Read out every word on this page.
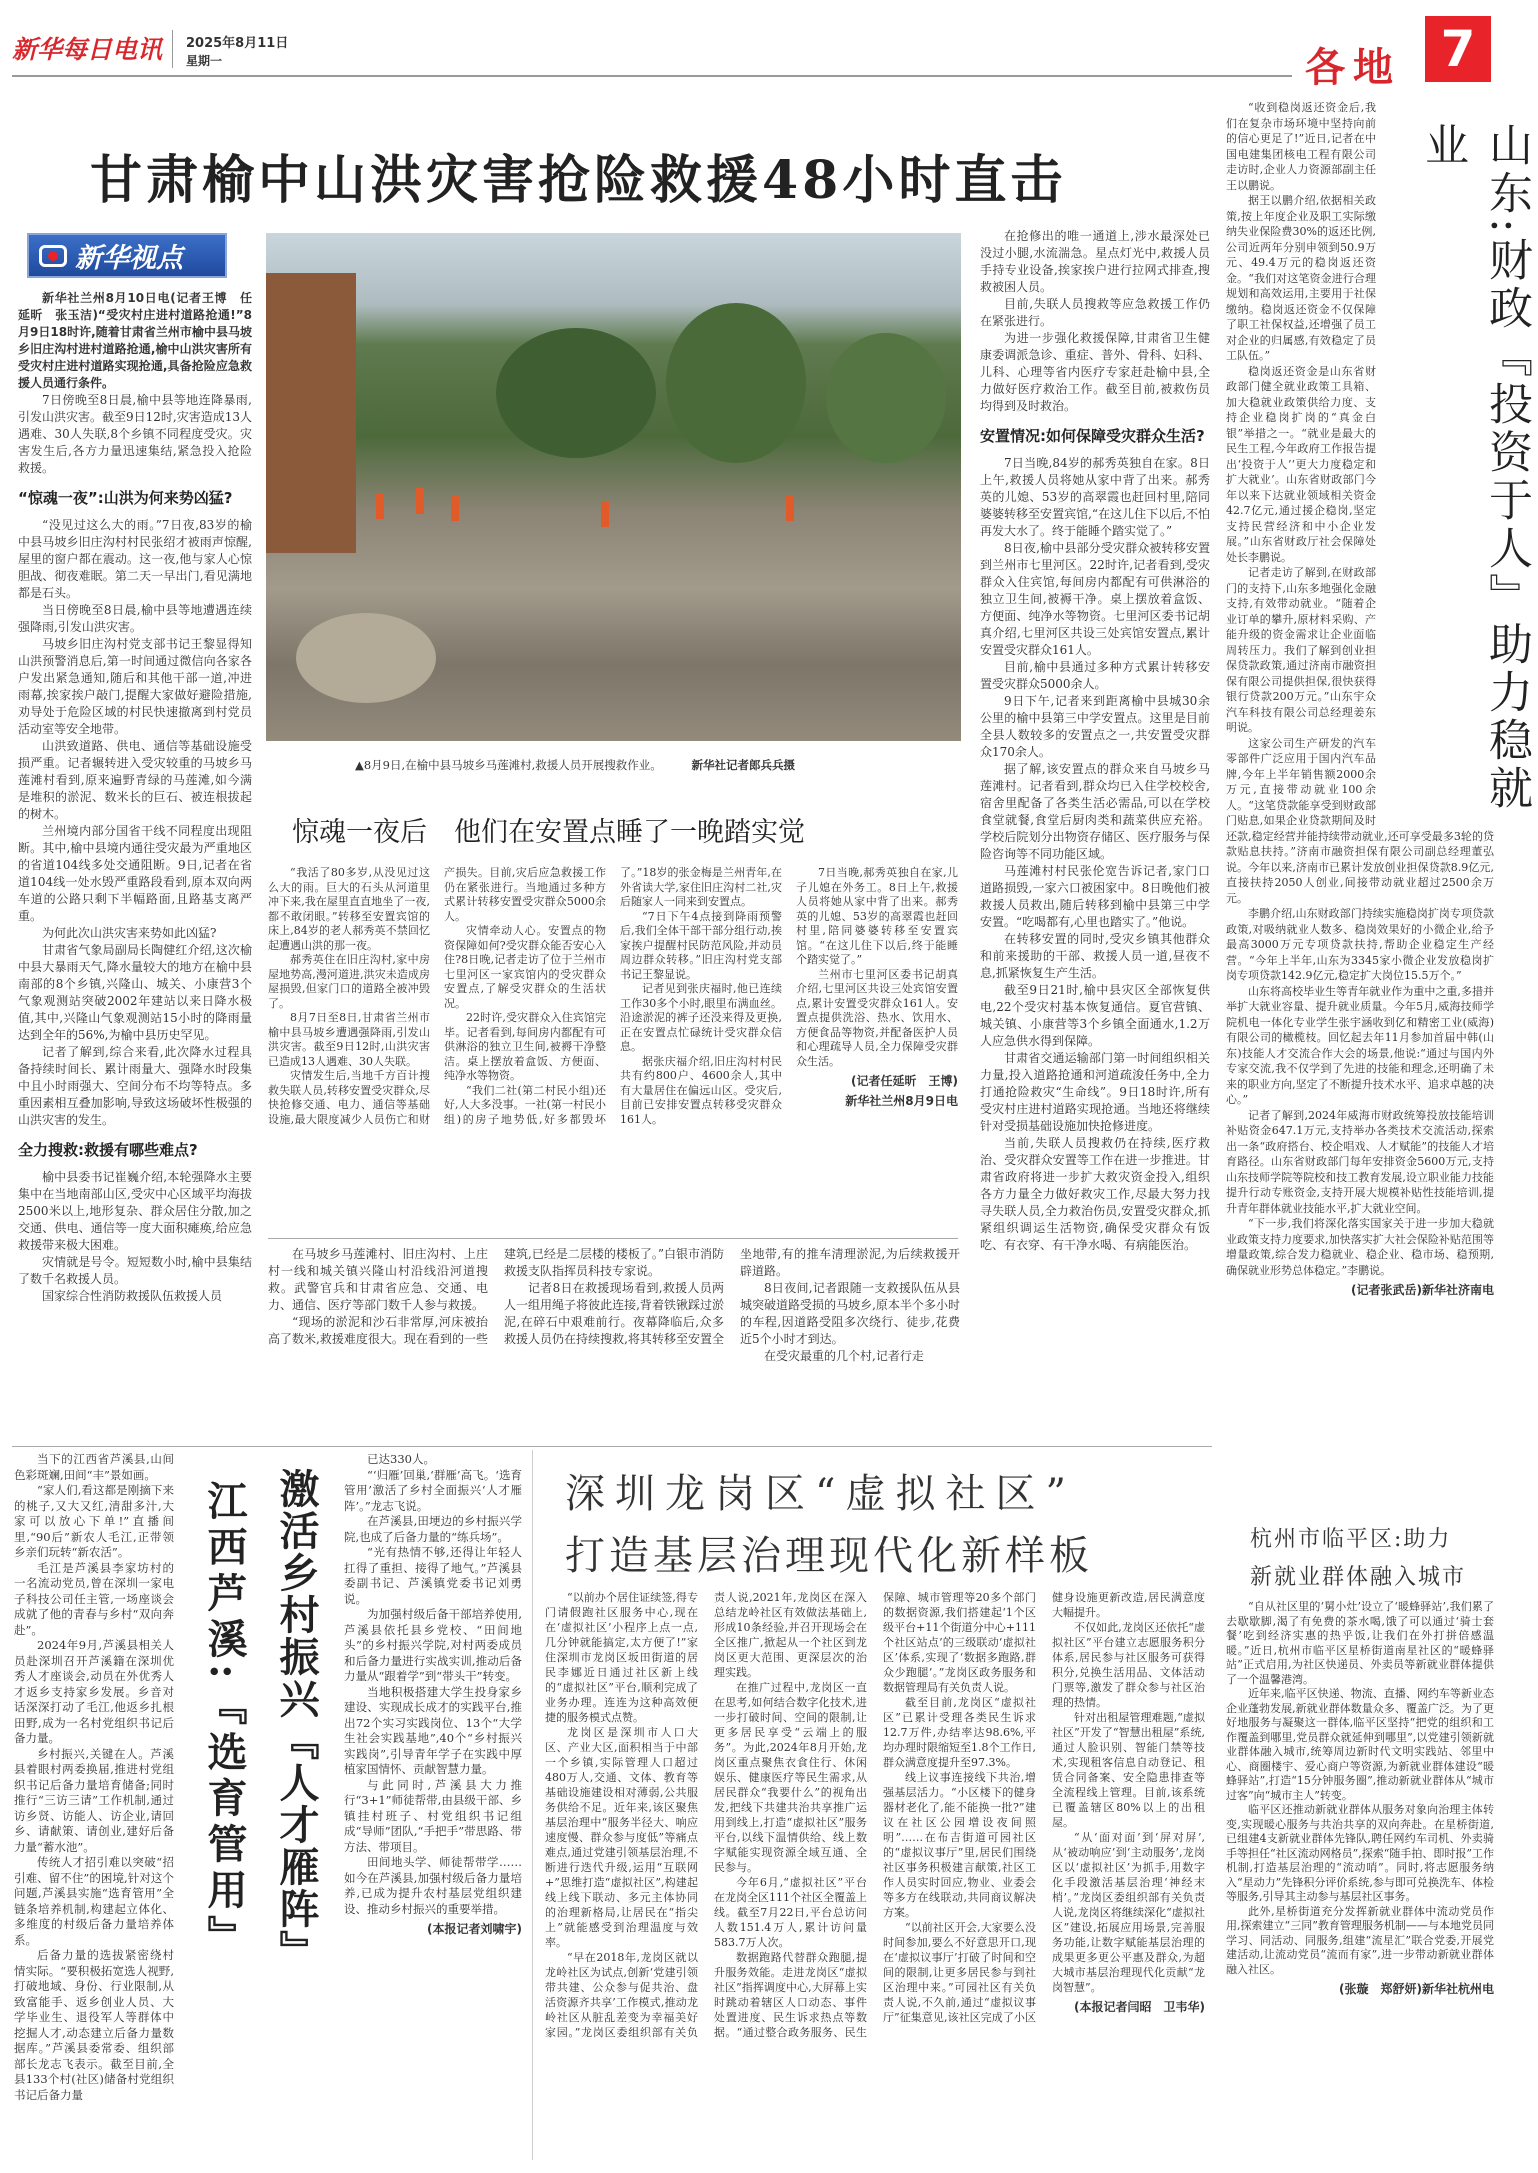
新华每日电讯 2025年8月11日
星期一	各地 7
甘肃榆中山洪灾害抢险救援48小时直击
新华视点

新华社兰州8月10日电(记者王博　任延昕　张玉洁)“受灾村庄进村道路抢通!”8月9日18时许,随着甘肃省兰州市榆中县马坡乡旧庄沟村进村道路抢通,榆中山洪灾害所有受灾村庄进村道路实现抢通,具备抢险应急救援人员通行条件。

7日傍晚至8日晨,榆中县等地连降暴雨,引发山洪灾害。截至9日12时,灾害造成13人遇难、30人失联,8个乡镇不同程度受灾。灾害发生后,各方力量迅速集结,紧急投入抢险救援。

“惊魂一夜”:山洪为何来势凶猛?

“没见过这么大的雨。”7日夜,83岁的榆中县马坡乡旧庄沟村村民张绍才被雨声惊醒,屋里的窗户都在震动。这一夜,他与家人心惊胆战、彻夜难眠。第二天一早出门,看见满地都是石头。

当日傍晚至8日晨,榆中县等地遭遇连续强降雨,引发山洪灾害。

马坡乡旧庄沟村党支部书记王黎显得知山洪预警消息后,第一时间通过微信向各家各户发出紧急通知,随后和其他干部一道,冲进雨幕,挨家挨户敲门,提醒大家做好避险措施,劝导处于危险区域的村民快速撤离到村党员活动室等安全地带。

山洪致道路、供电、通信等基础设施受损严重。记者辗转进入受灾较重的马坡乡马莲滩村看到,原来遍野青绿的马莲滩,如今满是堆积的淤泥、数米长的巨石、被连根拔起的树木。

兰州境内部分国省干线不同程度出现阻断。其中,榆中县境内通往受灾最为严重地区的省道104线多处交通阻断。9日,记者在省道104线一处水毁严重路段看到,原本双向两车道的公路只剩下半幅路面,且路基支离严重。

为何此次山洪灾害来势如此凶猛?

甘肃省气象局副局长陶健红介绍,这次榆中县大暴雨天气,降水量较大的地方在榆中县南部的8个乡镇,兴隆山、城关、小康营3个气象观测站突破2002年建站以来日降水极值,其中,兴隆山气象观测站15小时的降雨量达到全年的56%,为榆中县历史罕见。

记者了解到,综合来看,此次降水过程具备持续时间长、累计雨量大、强降水时段集中且小时雨强大、空间分布不均等特点。多重因素相互叠加影响,导致这场破坏性极强的山洪灾害的发生。

全力搜救:救援有哪些难点?

榆中县委书记崔巍介绍,本轮强降水主要集中在当地南部山区,受灾中心区域平均海拔2500米以上,地形复杂、群众居住分散,加之交通、供电、通信等一度大面积瘫痪,给应急救援带来极大困难。

灾情就是号令。短短数小时,榆中县集结了数千名救援人员。

国家综合性消防救援队伍救援人员

▲8月9日,在榆中县马坡乡马莲滩村,救援人员开展搜救作业。	新华社记者郎兵兵摄

在抢修出的唯一通道上,涉水最深处已没过小腿,水流湍急。星点灯光中,救援人员手持专业设备,挨家挨户进行拉网式排查,搜救被困人员。

目前,失联人员搜救等应急救援工作仍在紧张进行。

为进一步强化救援保障,甘肃省卫生健康委调派急诊、重症、普外、骨科、妇科、儿科、心理等省内医疗专家赶赴榆中县,全力做好医疗救治工作。截至目前,被救伤员均得到及时救治。

安置情况:如何保障受灾群众生活?

7日当晚,84岁的郝秀英独自在家。8日上午,救援人员将她从家中背了出来。郝秀英的儿媳、53岁的高翠霞也赶回村里,陪同婆婆转移至安置宾馆,“在这儿住下以后,不怕再发大水了。终于能睡个踏实觉了。”

8日夜,榆中县部分受灾群众被转移安置到兰州市七里河区。22时许,记者看到,受灾群众入住宾馆,每间房内都配有可供淋浴的独立卫生间,被褥干净。桌上摆放着盒饭、方便面、纯净水等物资。七里河区委书记胡真介绍,七里河区共设三处宾馆安置点,累计安置受灾群众161人。

目前,榆中县通过多种方式累计转移安置受灾群众5000余人。

9日下午,记者来到距离榆中县城30余公里的榆中县第三中学安置点。这里是目前全县人数较多的安置点之一,共安置受灾群众170余人。

据了解,该安置点的群众来自马坡乡马莲滩村。记者看到,群众均已入住学校校舍,宿舍里配备了各类生活必需品,可以在学校食堂就餐,食堂后厨肉类和蔬菜供应充裕。学校后院划分出物资存储区、医疗服务与保险咨询等不同功能区域。

马莲滩村村民张伦宽告诉记者,家门口道路损毁,一家六口被困家中。8日晚他们被救援人员救出,随后转移到榆中县第三中学安置。“吃喝都有,心里也踏实了。”他说。

在转移安置的同时,受灾乡镇其他群众和前来援助的干部、救援人员一道,昼夜不息,抓紧恢复生产生活。

截至9日21时,榆中县灾区全部恢复供电,22个受灾村基本恢复通信。夏官营镇、城关镇、小康营等3个乡镇全面通水,1.2万人应急供水得到保障。

甘肃省交通运输部门第一时间组织相关力量,投入道路抢通和河道疏浚任务中,全力打通抢险救灾“生命线”。9日18时许,所有受灾村庄进村道路实现抢通。当地还将继续针对受损基础设施加快抢修进度。

当前,失联人员搜救仍在持续,医疗救治、受灾群众安置等工作在进一步推进。甘肃省政府将进一步扩大救灾资金投入,组织各方力量全力做好救灾工作,尽最大努力找寻失联人员,全力救治伤员,安置受灾群众,抓紧组织调运生活物资,确保受灾群众有饭吃、有衣穿、有干净水喝、有病能医治。

惊魂一夜后　他们在安置点睡了一晚踏实觉

“我活了80多岁,从没见过这么大的雨。巨大的石头从河道里冲下来,我在屋里直直地坐了一夜,都不敢闭眼。”转移至安置宾馆的床上,84岁的老人郝秀英不禁回忆起遭遇山洪的那一夜。

郝秀英住在旧庄沟村,家中房屋地势高,漫河道进,洪灾未造成房屋损毁,但家门口的道路全被冲毁了。

8月7日至8日,甘肃省兰州市榆中县马坡乡遭遇强降雨,引发山洪灾害。截至9日12时,山洪灾害已造成13人遇难、30人失联。

灾情发生后,当地千方百计搜救失联人员,转移安置受灾群众,尽快抢修交通、电力、通信等基础设施,最大限度减少人员伤亡和财产损失。目前,灾后应急救援工作仍在紧张进行。当地通过多种方式累计转移安置受灾群众5000余人。

灾情牵动人心。安置点的物资保障如何?受灾群众能否安心入住?8日晚,记者走访了位于兰州市七里河区一家宾馆内的受灾群众安置点,了解受灾群众的生活状况。

22时许,受灾群众入住宾馆完毕。记者看到,每间房内都配有可供淋浴的独立卫生间,被褥干净整洁。桌上摆放着盒饭、方便面、纯净水等物资。

“我们二社(第二村民小组)还好,人大多没事。一社(第一村民小组)的房子地势低,好多都毁坏了。”18岁的张金梅是兰州青年,在外省读大学,家住旧庄沟村二社,灾后随家人一同来到安置点。

“7日下午4点接到降雨预警后,我们全体干部干部分组行动,挨家挨户提醒村民防范风险,并动员周边群众转移。”旧庄沟村党支部书记王黎显说。

记者见到张庆福时,他已连续工作30多个小时,眼里布满血丝。沿途淤泥的裤子还没来得及更换,正在安置点忙碌统计受灾群众信息。

据张庆福介绍,旧庄沟村村民共有约800户、4600余人,其中有大量居住在偏远山区。受灾后,目前已安排安置点转移受灾群众161人。

7日当晚,郝秀英独自在家,儿子儿媳在外务工。8日上午,救援人员将她从家中背了出来。郝秀英的儿媳、53岁的高翠霞也赶回村里,陪同婆婆转移至安置宾馆。“在这儿住下以后,终于能睡个踏实觉了。”

兰州市七里河区委书记胡真介绍,七里河区共设三处宾馆安置点,累计安置受灾群众161人。安置点提供洗浴、热水、饮用水、方便食品等物资,并配备医护人员和心理疏导人员,全力保障受灾群众生活。

(记者任延昕　王博)
新华社兰州8月9日电

在马坡乡马莲滩村、旧庄沟村、上庄村一线和城关镇兴隆山村沿线沿河道搜救。武警官兵和甘肃省应急、交通、电力、通信、医疗等部门数千人参与救援。

“现场的淤泥和沙石非常厚,河床被抬高了数米,救援难度很大。现在看到的一些建筑,已经是二层楼的楼板了。”白银市消防救援支队指挥员科技专家说。

记者8日在救援现场看到,救援人员两人一组用绳子将彼此连接,背着铁锹踩过淤泥,在碎石中艰难前行。夜幕降临后,众多救援人员仍在持续搜救,将其转移至安置全坐地带,有的推车清理淤泥,为后续救援开辟道路。

8日夜间,记者跟随一支救援队伍从县城突破道路受损的马坡乡,原本半个多小时的车程,因道路受阻多次绕行、徒步,花费近5个小时才到达。

在受灾最重的几个村,记者行走

山东:财政『投资于人』助力稳就业

“收到稳岗返还资金后,我们在复杂市场环境中坚持向前的信心更足了!”近日,记者在中国电建集团核电工程有限公司走访时,企业人力资源部副主任王以鹏说。

据王以鹏介绍,依据相关政策,按上年度企业及职工实际缴纳失业保险费30%的返还比例,公司近两年分别申领到50.9万元、49.4万元的稳岗返还资金。“我们对这笔资金进行合理规划和高效运用,主要用于社保缴纳。稳岗返还资金不仅保障了职工社保权益,还增强了员工对企业的归属感,有效稳定了员工队伍。”

稳岗返还资金是山东省财政部门健全就业政策工具箱、加大稳就业政策供给力度、支持企业稳岗扩岗的“真金白银”举措之一。“就业是最大的民生工程,今年政府工作报告提出‘投资于人’‘更大力度稳定和扩大就业’。山东省财政部门今年以来下达就业领域相关资金42.7亿元,通过援企稳岗,坚定支持民营经济和中小企业发展。”山东省财政厅社会保障处处长李鹏说。

记者走访了解到,在财政部门的支持下,山东多地强化金融支持,有效带动就业。“随着企业订单的攀升,原材料采购、产能升级的资金需求让企业面临周转压力。我们了解到创业担保贷款政策,通过济南市融资担保有限公司提供担保,很快获得银行贷款200万元。”山东宇众汽车科技有限公司总经理姜东明说。

这家公司生产研发的汽车零部件广泛应用于国内汽车品牌,今年上半年销售额2000余万元,直接带动就业100余人。“这笔贷款能享受到财政部门贴息,如果企业贷款期间及时还款,稳定经营并能持续带动就业,还可享受最多3轮的贷款贴息扶持。”济南市融资担保有限公司副总经理董弘说。今年以来,济南市已累计发放创业担保贷款8.9亿元,直接扶持2050人创业,间接带动就业超过2500余万元。

李鹏介绍,山东财政部门持续实施稳岗扩岗专项贷款政策,对吸纳就业人数多、稳岗效果好的小微企业,给予最高3000万元专项贷款扶持,帮助企业稳定生产经营。“今年上半年,山东为3345家小微企业发放稳岗扩岗专项贷款142.9亿元,稳定扩大岗位15.5万个。”

山东将高校毕业生等青年就业作为重中之重,多措并举扩大就业容量、提升就业质量。今年5月,威海技师学院机电一体化专业学生张宇涵收到亿和精密工业(威海)有限公司的橄榄枝。回忆起去年11月参加首届中韩(山东)技能人才交流合作大会的场景,他说:“通过与国内外专家交流,我不仅学到了先进的技能和理念,还明确了未来的职业方向,坚定了不断提升技术水平、追求卓越的决心。”

记者了解到,2024年威海市财政统筹投放技能培训补贴资金647.1万元,支持举办各类技术交流活动,探索出一条“政府搭台、校企唱戏、人才赋能”的技能人才培育路径。山东省财政部门每年安排资金5600万元,支持山东技师学院等院校和技工教育发展,设立职业能力技能提升行动专账资金,支持开展大规模补贴性技能培训,提升青年群体就业技能水平,扩大就业空间。

“下一步,我们将深化落实国家关于进一步加大稳就业政策支持力度要求,加快落实扩大社会保险补贴范围等增量政策,综合发力稳就业、稳企业、稳市场、稳预期,确保就业形势总体稳定。”李鹏说。

(记者张武岳)新华社济南电

当下的江西省芦溪县,山间色彩斑斓,田间“丰”景如画。

“家人们,看这都是刚摘下来的桃子,又大又红,清甜多汁,大家可以放心下单!”直播间里,“90后”新农人毛江,正带领乡亲们玩转“新农活”。

毛江是芦溪县李家坊村的一名流动党员,曾在深圳一家电子科技公司任主管,一场座谈会成就了他的青春与乡村“双向奔赴”。

2024年9月,芦溪县相关人员赴深圳召开芦溪籍在深圳优秀人才座谈会,动员在外优秀人才返乡支持家乡发展。乡音对话深深打动了毛江,他返乡扎根田野,成为一名村党组织书记后备力量。

乡村振兴,关键在人。芦溪县着眼村两委换届,推进村党组织书记后备力量培育储备;同时推行“三访三请”工作机制,通过访乡贤、访能人、访企业,请回乡、请献策、请创业,建好后备力量“蓄水池”。

传统人才招引难以突破“招引难、留不住”的困境,针对这个问题,芦溪县实施“选育管用”全链条培养机制,构建起立体化、多维度的村级后备力量培养体系。

后备力量的选拔紧密绕村情实际。“要积极拓宽选人视野,打破地域、身份、行业限制,从致富能手、返乡创业人员、大学毕业生、退役军人等群体中挖掘人才,动态建立后备力量数据库。”芦溪县委常委、组织部部长龙志飞表示。截至目前,全县133个村(社区)储备村党组织书记后备力量

江西芦溪:『选育管用』 激活乡村振兴『人才雁阵』

已达330人。

“‘归雁’回巢,‘群雁’高飞。‘选育管用’激活了乡村全面振兴‘人才雁阵’。”龙志飞说。

在芦溪县,田埂边的乡村振兴学院,也成了后备力量的“练兵场”。

“光有热情不够,还得让年轻人扛得了重担、接得了地气。”芦溪县委副书记、芦溪镇党委书记刘勇说。

为加强村级后备干部培养使用,芦溪县依托县乡党校、“田间地头”的乡村振兴学院,对村两委成员和后备力量进行实战实训,推动后备力量从“跟着学”到“带头干”转变。

当地积极搭建大学生投身家乡建设、实现成长成才的实践平台,推出72个实习实践岗位、13个“大学生社会实践基地”,40个“乡村振兴实践岗”,引导青年学子在实践中厚植家国情怀、贡献智慧力量。

与此同时,芦溪县大力推行“3+1”师徒帮带,由县级干部、乡镇挂村班子、村党组织书记组成“导师”团队,“手把手”带思路、带方法、带项目。

田间地头学、师徒帮带学……如今在芦溪县,加强村级后备力量培养,已成为提升农村基层党组织建设、推动乡村振兴的重要举措。

(本报记者刘啸宇)
深圳龙岗区“虚拟社区”
打造基层治理现代化新样板

“以前办个居住证续签,得专门请假跑社区服务中心,现在在‘虚拟社区’小程序上点一点,几分钟就能搞定,太方便了!”家住深圳市龙岗区坂田街道的居民李娜近日通过社区新上线的“虚拟社区”平台,顺利完成了业务办理。连连为这种高效便捷的服务模式点赞。

龙岗区是深圳市人口大区、产业大区,面积相当于中部一个乡镇,实际管理人口超过480万人,交通、文体、教育等基础设施建设相对薄弱,公共服务供给不足。近年来,该区聚焦基层治理中“服务半径大、响应速度慢、群众参与度低”等痛点难点,通过党建引领基层治理,不断进行迭代升级,运用“互联网+”思维打造“虚拟社区”,构建起线上线下联动、多元主体协同的治理新格局,让居民在“指尖上”就能感受到治理温度与效率。

“早在2018年,龙岗区就以龙岭社区为试点,创新‘党建引领带共建、公众参与促共治、盘活资源齐共享’工作模式,推动龙岭社区从脏乱差变为幸福美好家园。”龙岗区委组织部有关负责人说,2021年,龙岗区在深入总结龙岭社区有效做法基础上,形成10条经验,并召开现场会在全区推广,掀起从一个社区到龙岗区更大范围、更深层次的治理实践。

在推广过程中,龙岗区一直在思考,如何结合数字化技术,进一步打破时间、空间的限制,让更多居民享受“云端上的服务”。为此,2024年8月开始,龙岗区重点聚焦衣食住行、休闲娱乐、健康医疗等民生需求,从居民群众“我要什么”的视角出发,把线下共建共治共享推广运用到线上,打造“虚拟社区”服务平台,以线下温情供给、线上数字赋能实现资源全域互通、全民参与。

今年6月,“虚拟社区”平台在龙岗全区111个社区全覆盖上线。截至7月22日,平台总访问人数151.4万人,累计访问量583.7万人次。

数据跑路代替群众跑腿,提升服务效能。走进龙岗区“虚拟社区”指挥调度中心,大屏幕上实时跳动着辖区人口动态、事件处置进度、民生诉求热点等数据。“通过整合政务服务、民生保障、城市管理等20多个部门的数据资源,我们搭建起‘1个区级平台+11个街道分中心+111个社区站点’的三级联动‘虚拟社区’体系,实现了‘数据多跑路,群众少跑腿’。”龙岗区政务服务和数据管理局有关负责人说。

截至目前,龙岗区“虚拟社区”已累计受理各类民生诉求12.7万件,办结率达98.6%,平均办理时限缩短至1.8个工作日,群众满意度提升至97.3%。

线上议事连接线下共治,增强基层活力。“小区楼下的健身器材老化了,能不能换一批?”建议在社区公园增设夜间照明”……在布吉街道可园社区的“虚拟议事厅”里,居民们围绕社区事务积极建言献策,社区工作人员实时回应,物业、业委会等多方在线联动,共同商议解决方案。

“以前社区开会,大家要么没时间参加,要么不好意思开口,现在‘虚拟议事厅’打破了时间和空间的限制,让更多居民参与到社区治理中来。”可园社区有关负责人说,不久前,通过“虚拟议事厅”征集意见,该社区完成了小区健身设施更新改造,居民满意度大幅提升。

不仅如此,龙岗区还依托“虚拟社区”平台建立志愿服务积分体系,居民参与社区服务可获得积分,兑换生活用品、文体活动门票等,激发了群众参与社区治理的热情。

针对出租屋管理难题,“虚拟社区”开发了“智慧出租屋”系统,通过人脸识别、智能门禁等技术,实现租客信息自动登记、租赁合同备案、安全隐患排查等全流程线上管理。目前,该系统已覆盖辖区80%以上的出租屋。

“从‘面对面’到‘屏对屏’,从‘被动响应’到‘主动服务’,龙岗区以‘虚拟社区’为抓手,用数字化手段激活基层治理‘神经末梢’。”龙岗区委组织部有关负责人说,龙岗区将继续深化“虚拟社区”建设,拓展应用场景,完善服务功能,让数字赋能基层治理的成果更多更公平惠及群众,为超大城市基层治理现代化贡献“龙岗智慧”。

(本报记者闫昭　卫韦华)
杭州市临平区:助力
新就业群体融入城市

“自从社区里的‘舅小灶’设立了‘暖蜂驿站’,我们累了去歇歇脚,渴了有免费的茶水喝,饿了可以通过‘骑士套餐’吃到经济实惠的热乎饭,让我们在外打拼倍感温暖。”近日,杭州市临平区星桥街道南星社区的“暖蜂驿站”正式启用,为社区快递员、外卖员等新就业群体提供了一个温馨港湾。

近年来,临平区快递、物流、直播、网约车等新业态企业蓬勃发展,新就业群体数量众多、覆盖广泛。为了更好地服务与凝聚这一群体,临平区坚持“把党的组织和工作覆盖到哪里,党员群众就延伸到哪里”,以党建引领新就业群体融入城市,统筹周边新时代文明实践站、邻里中心、商圈楼宇、爱心商户等资源,为新就业群体建设“暖蜂驿站”,打造“15分钟服务圈”,推动新就业群体从“城市过客”向“城市主人”转变。

临平区还推动新就业群体从服务对象向治理主体转变,实现暖心服务与共治共享的双向奔赴。在星桥街道,已组建4支新就业群体先锋队,聘任网约车司机、外卖骑手等担任“社区流动网格员”,探索“随手拍、即时报”工作机制,打造基层治理的“流动哨”。同时,将志愿服务纳入“星动力”先锋积分评价系统,参与即可兑换洗车、体检等服务,引导其主动参与基层社区事务。

此外,星桥街道充分发挥新就业群体中流动党员作用,探索建立“三同”教育管理服务机制——与本地党员同学习、同活动、同服务,组建“流星汇”联合党委,开展党建活动,让流动党员“流而有家”,进一步带动新就业群体融入社区。

(张璇　郑舒妍)新华社杭州电
